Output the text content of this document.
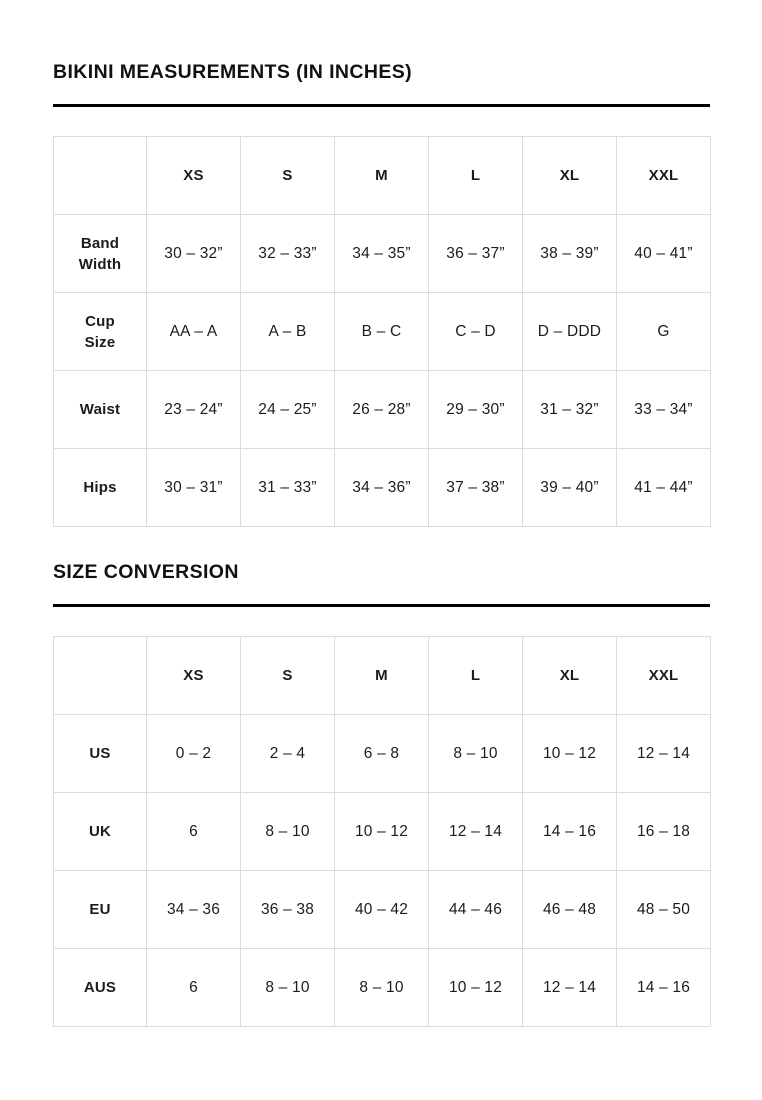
BIKINI MEASUREMENTS (IN INCHES)
	XS	S	M	L	XL	XXL
Band Width	30 – 32”	32 – 33”	34 – 35”	36 – 37”	38 – 39”	40 – 41”
Cup Size	AA – A	A – B	B – C	C – D	D – DDD	G
Waist	23 – 24”	24 – 25”	26 – 28”	29 – 30”	31 – 32”	33 – 34”
Hips	30 – 31”	31 – 33”	34 – 36”	37 – 38”	39 – 40”	41 – 44”
SIZE CONVERSION
	XS	S	M	L	XL	XXL
US	0 – 2	2 – 4	6 – 8	8 – 10	10 – 12	12 – 14
UK	6	8 – 10	10 – 12	12 – 14	14 – 16	16 – 18
EU	34 – 36	36 – 38	40 – 42	44 – 46	46 – 48	48 – 50
AUS	6	8 – 10	8 – 10	10 – 12	12 – 14	14 – 16
